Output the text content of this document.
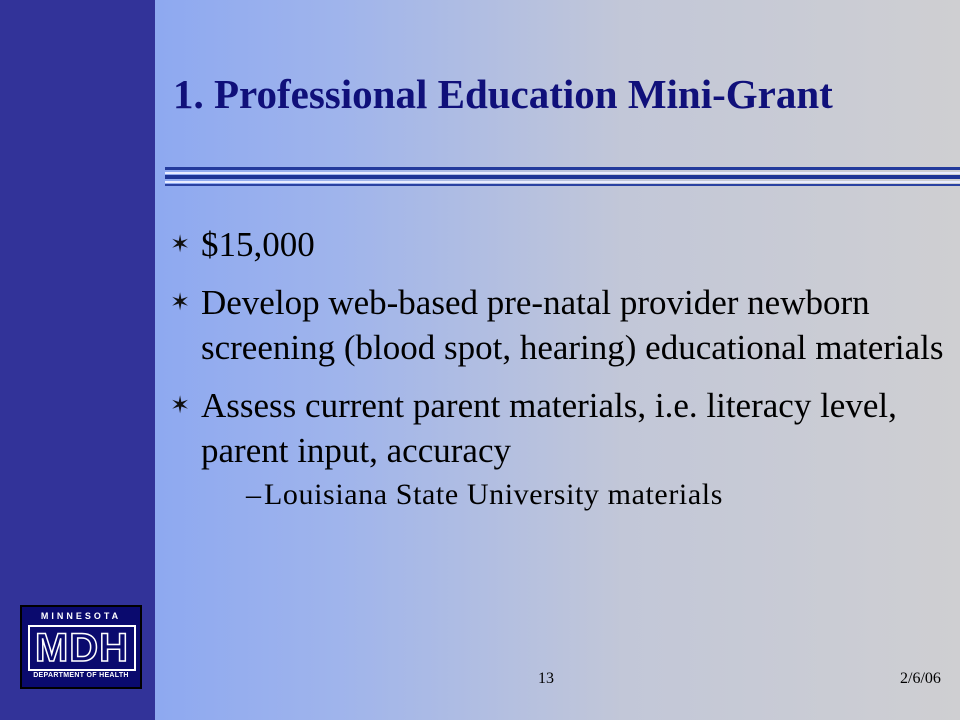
1. Professional Education Mini-Grant
✶ $15,000
✶ Develop web-based pre-natal provider newborn screening (blood spot, hearing) educational materials
✶ Assess current parent materials, i.e. literacy level, parent input, accuracy
– Louisiana State University materials
MINNESOTA
MDH
DEPARTMENT OF HEALTH	13	2/6/06
